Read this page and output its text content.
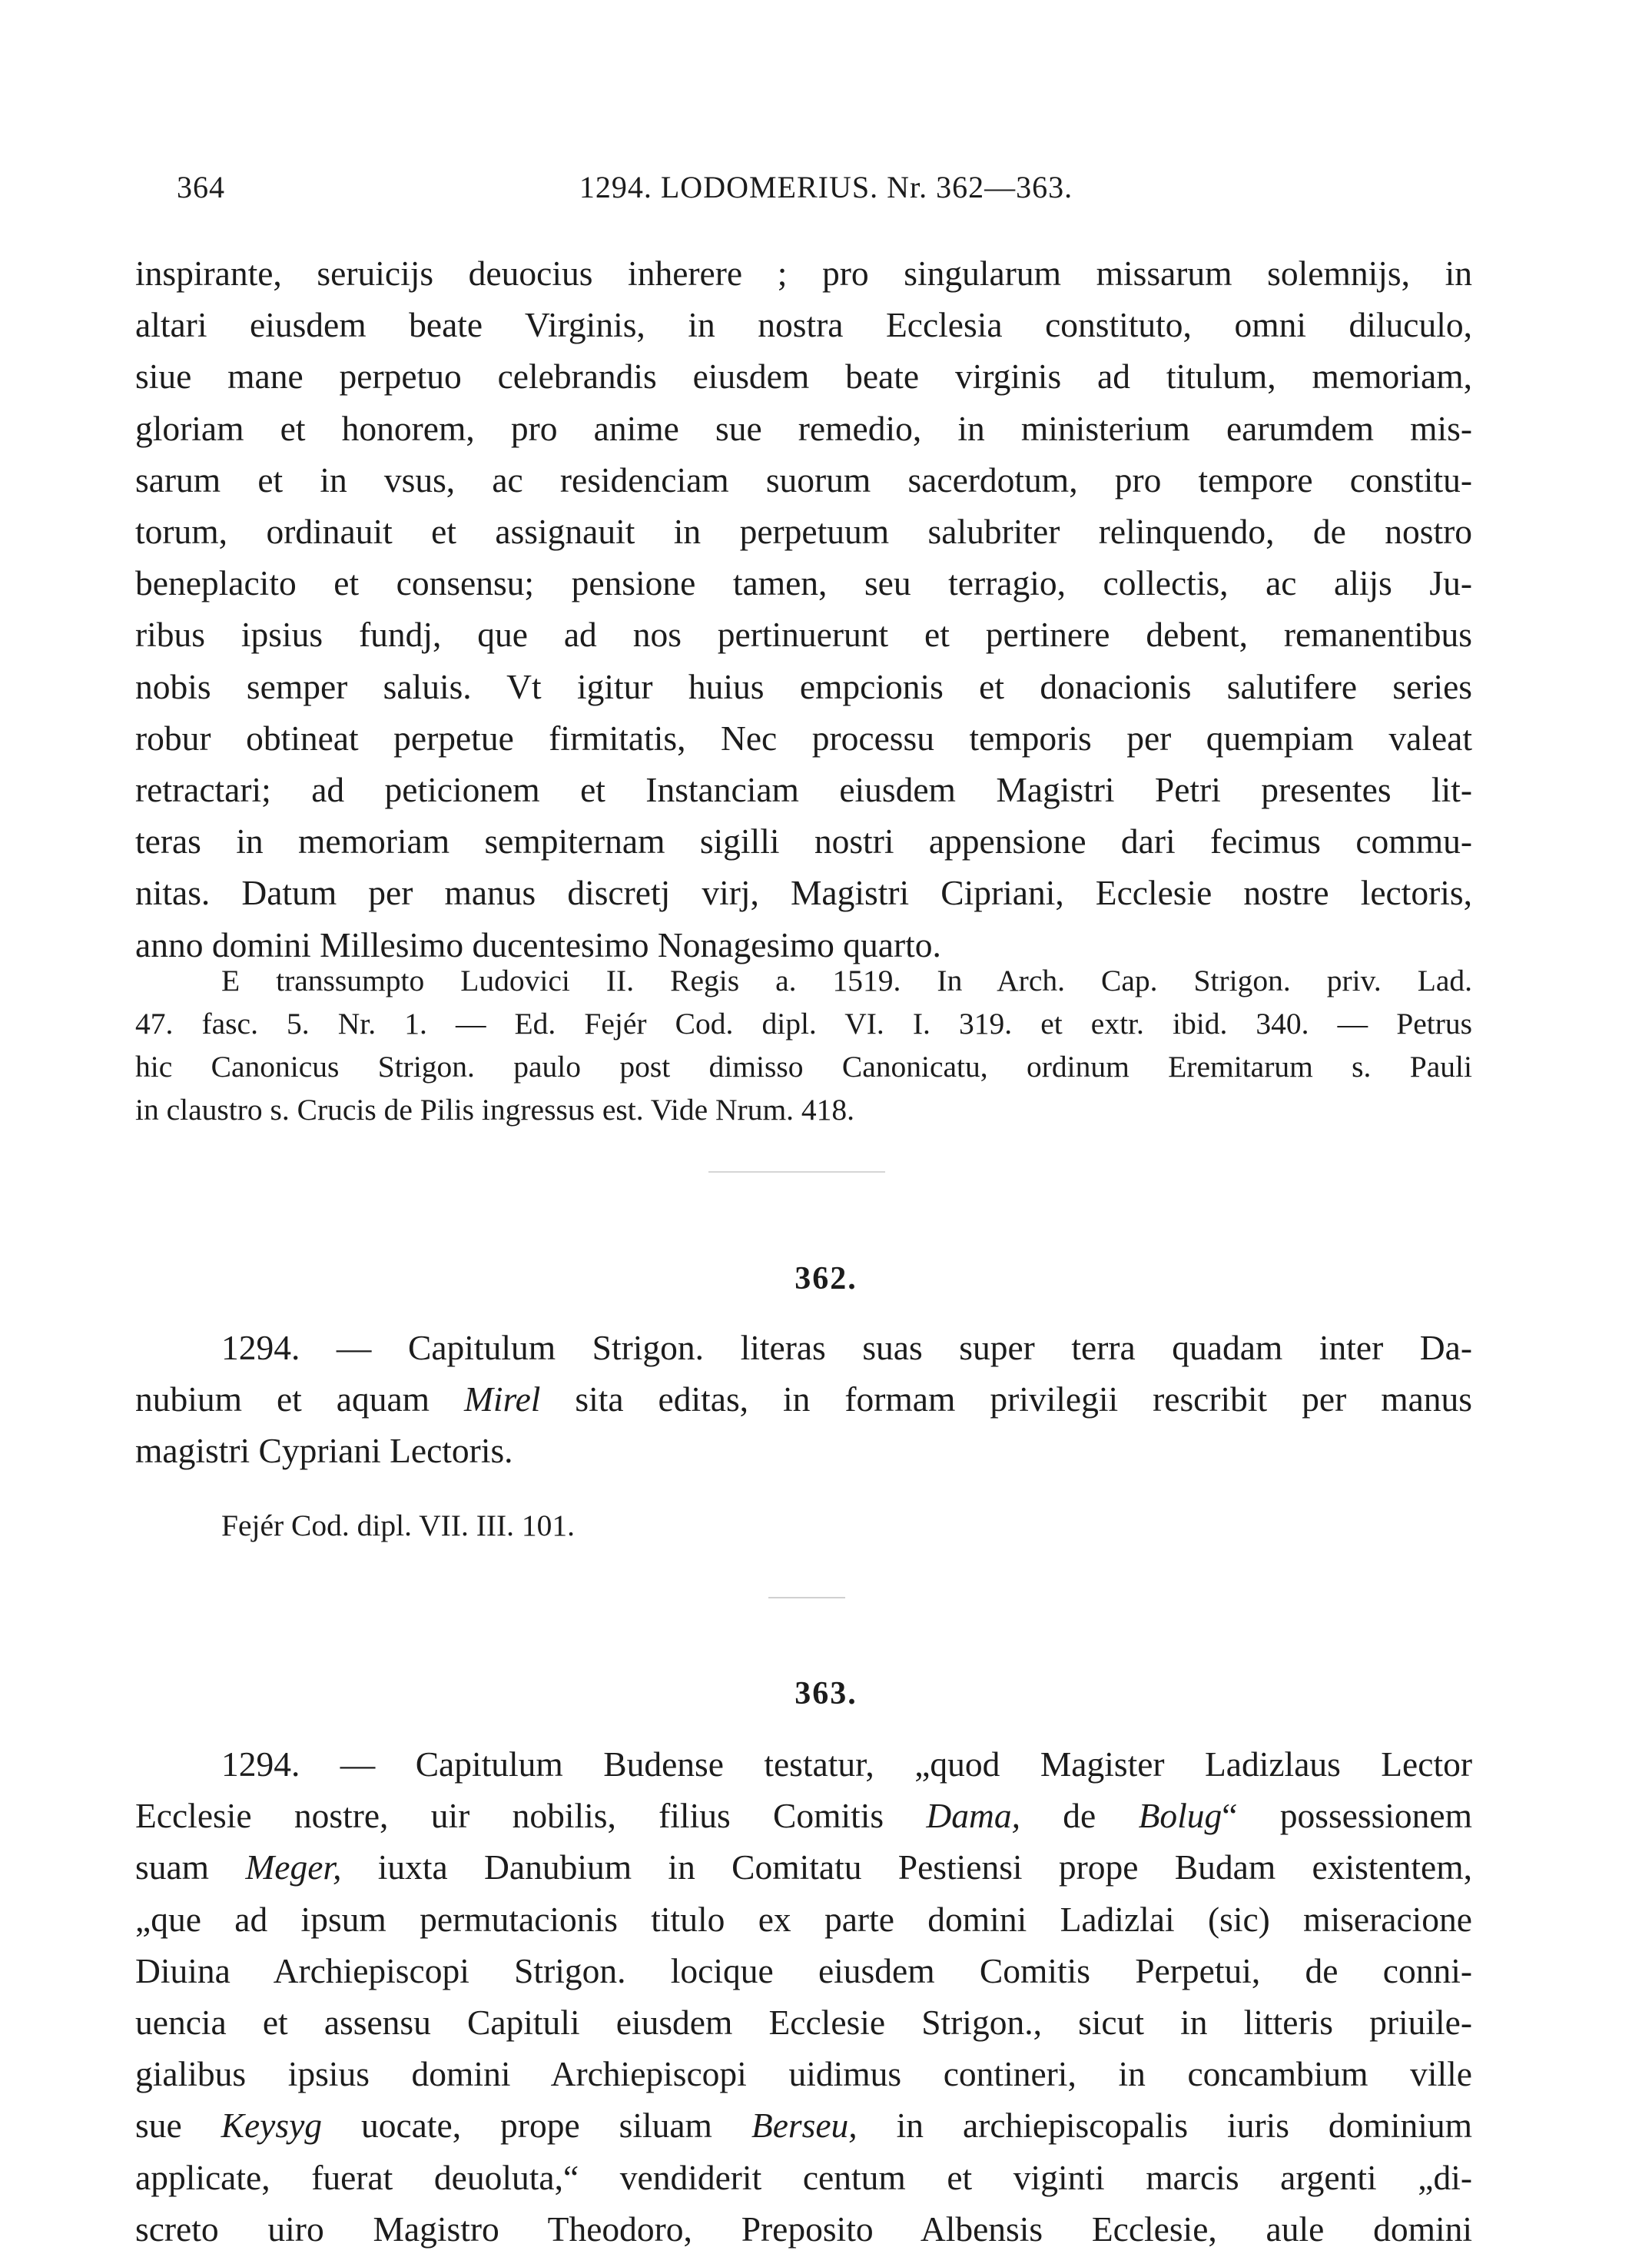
364	1294. LODOMERIUS. Nr. 362—363.
inspirante, seruicijs deuocius inherere ; pro singularum missarum solemnijs, in
altari eiusdem beate Virginis, in nostra Ecclesia constituto, omni diluculo,
siue mane perpetuo celebrandis eiusdem beate virginis ad titulum, memoriam,
gloriam et honorem, pro anime sue remedio, in ministerium earumdem mis-
sarum et in vsus, ac residenciam suorum sacerdotum, pro tempore constitu-
torum, ordinauit et assignauit in perpetuum salubriter relinquendo, de nostro
beneplacito et consensu; pensione tamen, seu terragio, collectis, ac alijs Ju-
ribus ipsius fundj, que ad nos pertinuerunt et pertinere debent, remanentibus
nobis semper saluis. Vt igitur huius empcionis et donacionis salutifere series
robur obtineat perpetue firmitatis, Nec processu temporis per quempiam valeat
retractari; ad peticionem et Instanciam eiusdem Magistri Petri presentes lit-
teras in memoriam sempiternam sigilli nostri appensione dari fecimus commu-
nitas. Datum per manus discretj virj, Magistri Cipriani, Ecclesie nostre lectoris,
anno domini Millesimo ducentesimo Nonagesimo quarto.
E transsumpto Ludovici II. Regis a. 1519. In Arch. Cap. Strigon. priv. Lad.
47. fasc. 5. Nr. 1. — Ed. Fejér Cod. dipl. VI. I. 319. et extr. ibid. 340. — Petrus
hic Canonicus Strigon. paulo post dimisso Canonicatu, ordinum Eremitarum s. Pauli
in claustro s. Crucis de Pilis ingressus est. Vide Nrum. 418.
362.
1294. — Capitulum Strigon. literas suas super terra quadam inter Da-
nubium et aquam Mirel sita editas, in formam privilegii rescribit per manus
magistri Cypriani Lectoris.
Fejér Cod. dipl. VII. III. 101.
363.
1294. — Capitulum Budense testatur, „quod Magister Ladizlaus Lector
Ecclesie nostre, uir nobilis, filius Comitis Dama, de Bolug“ possessionem
suam Meger, iuxta Danubium in Comitatu Pestiensi prope Budam existentem,
„que ad ipsum permutacionis titulo ex parte domini Ladizlai (sic) miseracione
Diuina Archiepiscopi Strigon. locique eiusdem Comitis Perpetui, de conni-
uencia et assensu Capituli eiusdem Ecclesie Strigon., sicut in litteris priuile-
gialibus ipsius domini Archiepiscopi uidimus contineri, in concambium ville
sue Keysyg uocate, prope siluam Berseu, in archiepiscopalis iuris dominium
applicate, fuerat deuoluta,“ vendiderit centum et viginti marcis argenti „di-
screto uiro Magistro Theodoro, Preposito Albensis Ecclesie, aule domini
